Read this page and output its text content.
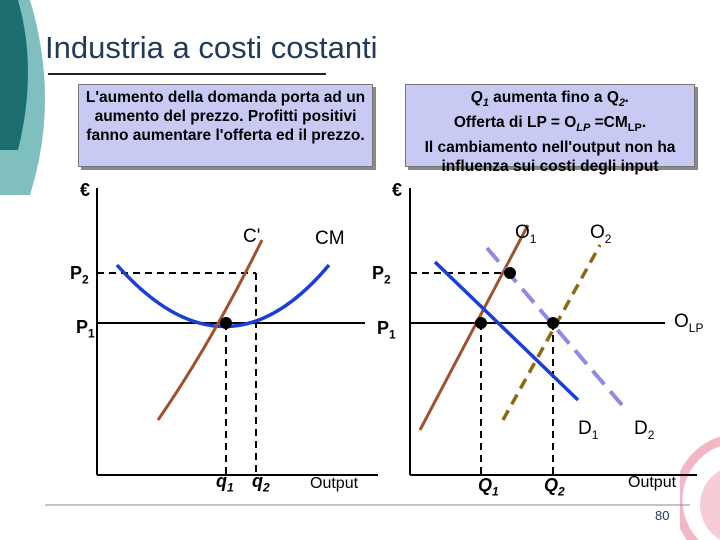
Industria a costi costanti
L'aumento della domanda porta ad un aumento del prezzo. Profitti positivi fanno aumentare l'offerta ed il prezzo.
$Q_1$ aumenta fino a $Q_2$.
Offerta di LP = $O_{LP} =CM_{LP}$.
Il cambiamento nell'output non ha influenza sui costi degli input
€
C'	CM
$P_2$
$P_1$
$q_1$ $q_2$	Output
€
$O_1$	$O_2$
$P_2$
$P_1$
$O_{LP}$
$D_1$ $D_2$
$Q_1$	$Q_2$
Output
80
